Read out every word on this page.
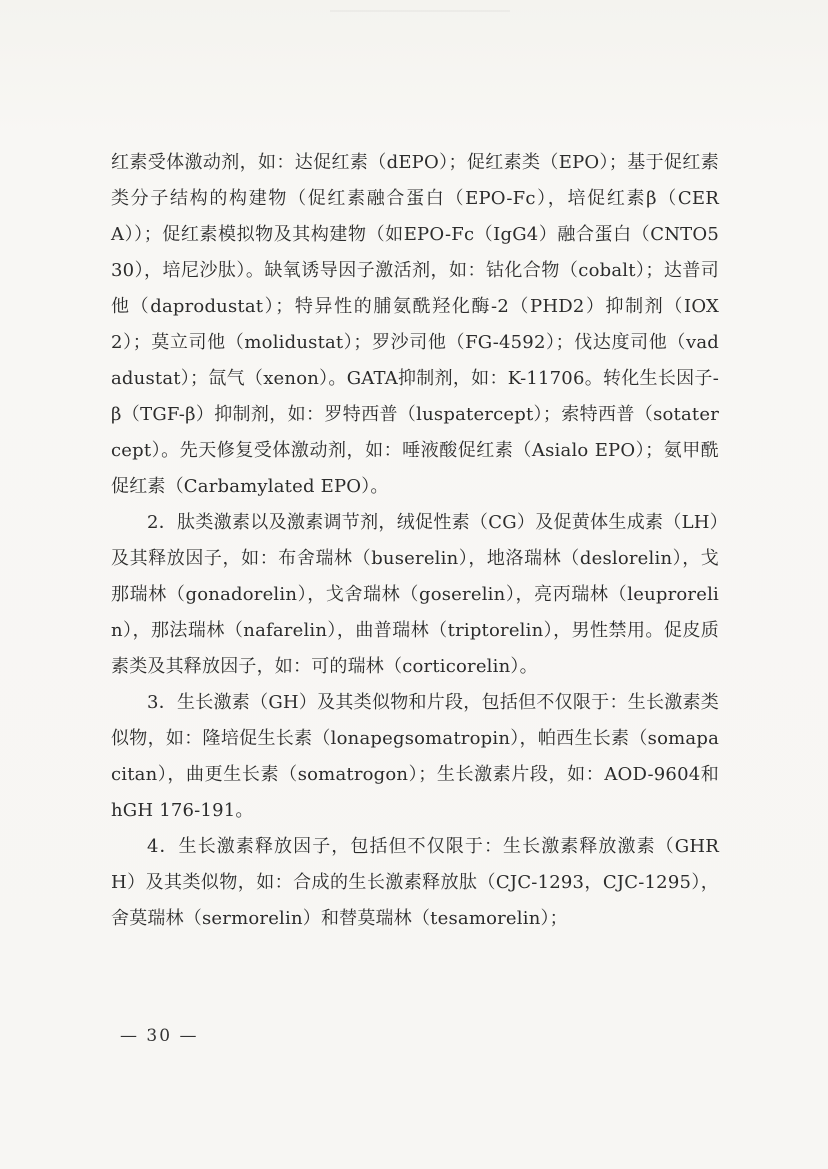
红素受体激动剂，如：达促红素（dEPO）；促红素类（EPO）；基于促红素类分子结构的构建物（促红素融合蛋白（EPO-Fc），培促红素β（CERA））；促红素模拟物及其构建物（如EPO-Fc（IgG4）融合蛋白（CNTO530），培尼沙肽）。缺氧诱导因子激活剂，如：钴化合物（cobalt）；达普司他（daprodustat）；特异性的脯氨酰羟化酶-2（PHD2）抑制剂（IOX2）；莫立司他（molidustat）；罗沙司他（FG-4592）；伐达度司他（vadadustat）；氙气（xenon）。GATA抑制剂，如：K-11706。转化生长因子-β（TGF-β）抑制剂，如：罗特西普（luspatercept）；索特西普（sotatercept）。先天修复受体激动剂，如：唾液酸促红素（Asialo EPO）；氨甲酰促红素（Carbamylated EPO）。

2．肽类激素以及激素调节剂，绒促性素（CG）及促黄体生成素（LH）及其释放因子，如：布舍瑞林（buserelin），地洛瑞林（deslorelin），戈那瑞林（gonadorelin），戈舍瑞林（goserelin），亮丙瑞林（leuprorelin），那法瑞林（nafarelin），曲普瑞林（triptorelin），男性禁用。促皮质素类及其释放因子，如：可的瑞林（corticorelin）。

3．生长激素（GH）及其类似物和片段，包括但不仅限于：生长激素类似物，如：隆培促生长素（lonapegsomatropin），帕西生长素（somapacitan），曲更生长素（somatrogon）；生长激素片段，如：AOD-9604和hGH 176-191。

4．生长激素释放因子，包括但不仅限于：生长激素释放激素（GHRH）及其类似物，如：合成的生长激素释放肽（CJC-1293，CJC-1295），舍莫瑞林（sermorelin）和替莫瑞林（tesamorelin）；

— 30 —
